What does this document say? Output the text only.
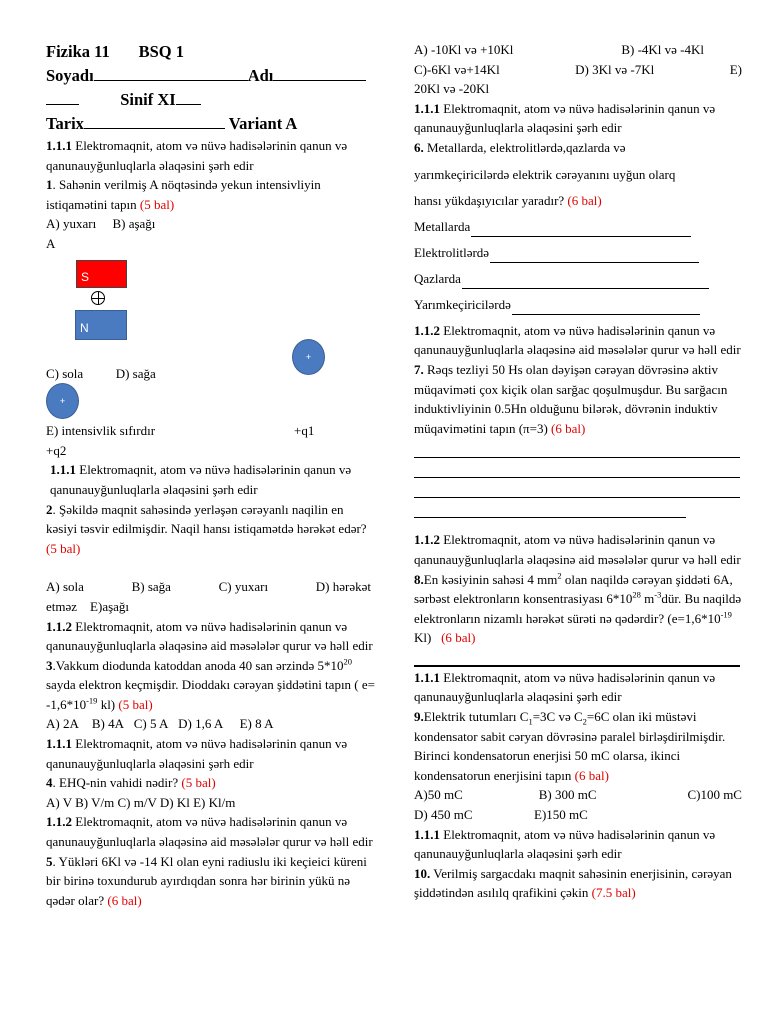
Fizika 11 BSQ 1

Soyadı	Adı

Sinif XI

Tarix	Variant A

1.1.1 Elektromaqnit, atom və nüvə hadisələrinin qanun və qanunauyğunluqlarla əlaqəsini şərh edir

1. Sahənin verilmiş A nöqtəsində yekun intensivliyin istiqamətini tapın (5 bal)

A) yuxarı B) aşağı

A

S
N
+

C) sola	D) sağa

+

E) intensivlik sıfırdır	+q1

+q2

1.1.1 Elektromaqnit, atom və nüvə hadisələrinin qanun və qanunauyğunluqlarla əlaqəsini şərh edir

2. Şəkildə maqnit sahəsində yerləşən cərəyanlı naqilin en kəsiyi təsvir edilmişdir. Naqil hansı istiqamətdə hərəkət edər? (5 bal)

A) sola	B) sağa	C) yuxarı	D) hərəkət

etməz E)aşağı

1.1.2 Elektromaqnit, atom və nüvə hadisələrinin qanun və qanunauyğunluqlarla əlaqəsinə aid məsələlər qurur və həll edir

3.Vakkum diodunda katoddan anoda 40 san ərzində $5*10^{20}$ sayda elektron keçmişdir. Dioddakı cərəyan şiddətini tapın ( $e= -1,6*10^{-19}$ kl) (5 bal)

A) 2A B) 4A C) 5 A D) 1,6 A E) 8 A

1.1.1 Elektromaqnit, atom və nüvə hadisələrinin qanun və qanunauyğunluqlarla əlaqəsini şərh edir

4. EHQ-nin vahidi nədir? (5 bal)

A) V B) V/m C) m/V D) Kl E) Kl/m

1.1.2 Elektromaqnit, atom və nüvə hadisələrinin qanun və qanunauyğunluqlarla əlaqəsinə aid məsələlər qurur və həll edir

5. Yükləri 6Kl və -14 Kl olan eyni radiuslu iki keçieici küreni bir birinə toxundurub ayırdıqdan sonra hər birinin yükü nə qədər olar? (6 bal)

A) -10Kl və +10Kl	B) -4Kl və -4Kl

C)-6Kl və+14Kl	D) 3Kl və -7Kl	E)

20Kl və -20Kl

1.1.1 Elektromaqnit, atom və nüvə hadisələrinin qanun və qanunauyğunluqlarla əlaqəsini şərh edir

6. Metallarda, elektrolitlərdə,qazlarda və

yarımkeçiricilərdə elektrik cərəyanını uyğun olarq

hansı yükdaşıyıcılar yaradır? (6 bal)

Metallarda
Elektrolitlərdə
Qazlarda
Yarımkeçiricilərdə

1.1.2 Elektromaqnit, atom və nüvə hadisələrinin qanun və qanunauyğunluqlarla əlaqəsinə aid məsələlər qurur və həll edir

7. Rəqs tezliyi 50 Hs olan dəyişən cərəyan dövrəsinə aktiv müqaviməti çox kiçik olan sarğac qoşulmuşdur. Bu sarğacın induktivliyinin 0.5Hn olduğunu bilərək, dövrənin induktiv müqavimətini tapın (π=3) (6 bal)

1.1.2 Elektromaqnit, atom və nüvə hadisələrinin qanun və qanunauyğunluqlarla əlaqəsinə aid məsələlər qurur və həll edir

8.En kəsiyinin sahəsi 4 $mm^2$ olan naqildə cərəyan şiddəti 6A, sərbəst elektronların konsentrasiyası $6*10^{28}$ $m^{-3}dür$. Bu naqildə elektronların nizamlı hərəkət sürəti nə qədərdir? ($e=1,6*10^{-19}$ Kl) (6 bal)

1.1.1 Elektromaqnit, atom və nüvə hadisələrinin qanun və qanunauyğunluqlarla əlaqəsini şərh edir

9.Elektrik tutumları $C_1=3C$ və $C_2=6C$ olan iki müstəvi kondensator sabit cəryan dövrəsinə paralel birləşdirilmişdir. Birinci kondensatorun enerjisi 50 mC olarsa, ikinci kondensatorun enerjisini tapın (6 bal)

A)50 mC	B) 300 mC	C)100 mC

D) 450 mC	E)150 mC

1.1.1 Elektromaqnit, atom və nüvə hadisələrinin qanun və qanunauyğunluqlarla əlaqəsini şərh edir

10. Verilmiş sargacdakı maqnit sahəsinin enerjisinin, cərəyan şiddətindən asılılq qrafikini çəkin (7.5 bal)
